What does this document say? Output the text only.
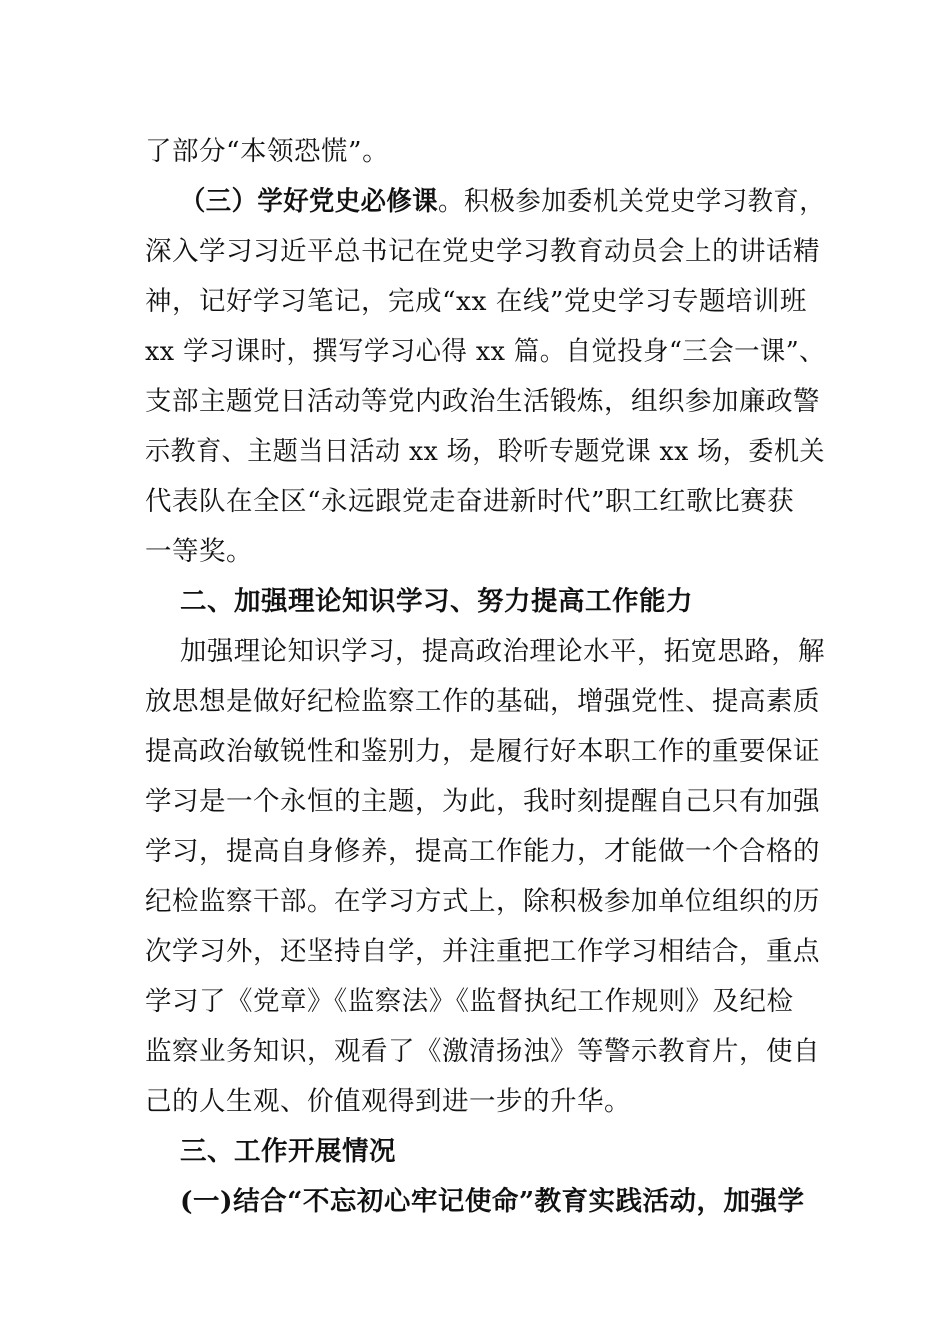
了部分“本领恐慌”。
（三）学好党史必修课。积极参加委机关党史学习教育，
深入学习习近平总书记在党史学习教育动员会上的讲话精
神，记好学习笔记，完成“xx 在线”党史学习专题培训班
xx 学习课时，撰写学习心得 xx 篇。自觉投身“三会一课”、
支部主题党日活动等党内政治生活锻炼，组织参加廉政警
示教育、主题当日活动 xx 场，聆听专题党课 xx 场，委机关
代表队在全区“永远跟党走奋进新时代”职工红歌比赛获
一等奖。
二、加强理论知识学习、努力提高工作能力
加强理论知识学习，提高政治理论水平，拓宽思路，解
放思想是做好纪检监察工作的基础，增强党性、提高素质
提高政治敏锐性和鉴别力，是履行好本职工作的重要保证
学习是一个永恒的主题，为此，我时刻提醒自己只有加强
学习，提高自身修养，提高工作能力，才能做一个合格的
纪检监察干部。在学习方式上，除积极参加单位组织的历
次学习外，还坚持自学，并注重把工作学习相结合，重点
学习了《党章》《监察法》《监督执纪工作规则》及纪检
监察业务知识，观看了《激清扬浊》等警示教育片，使自
己的人生观、价值观得到进一步的升华。
三、工作开展情况
(一)结合“不忘初心牢记使命”教育实践活动，加强学
